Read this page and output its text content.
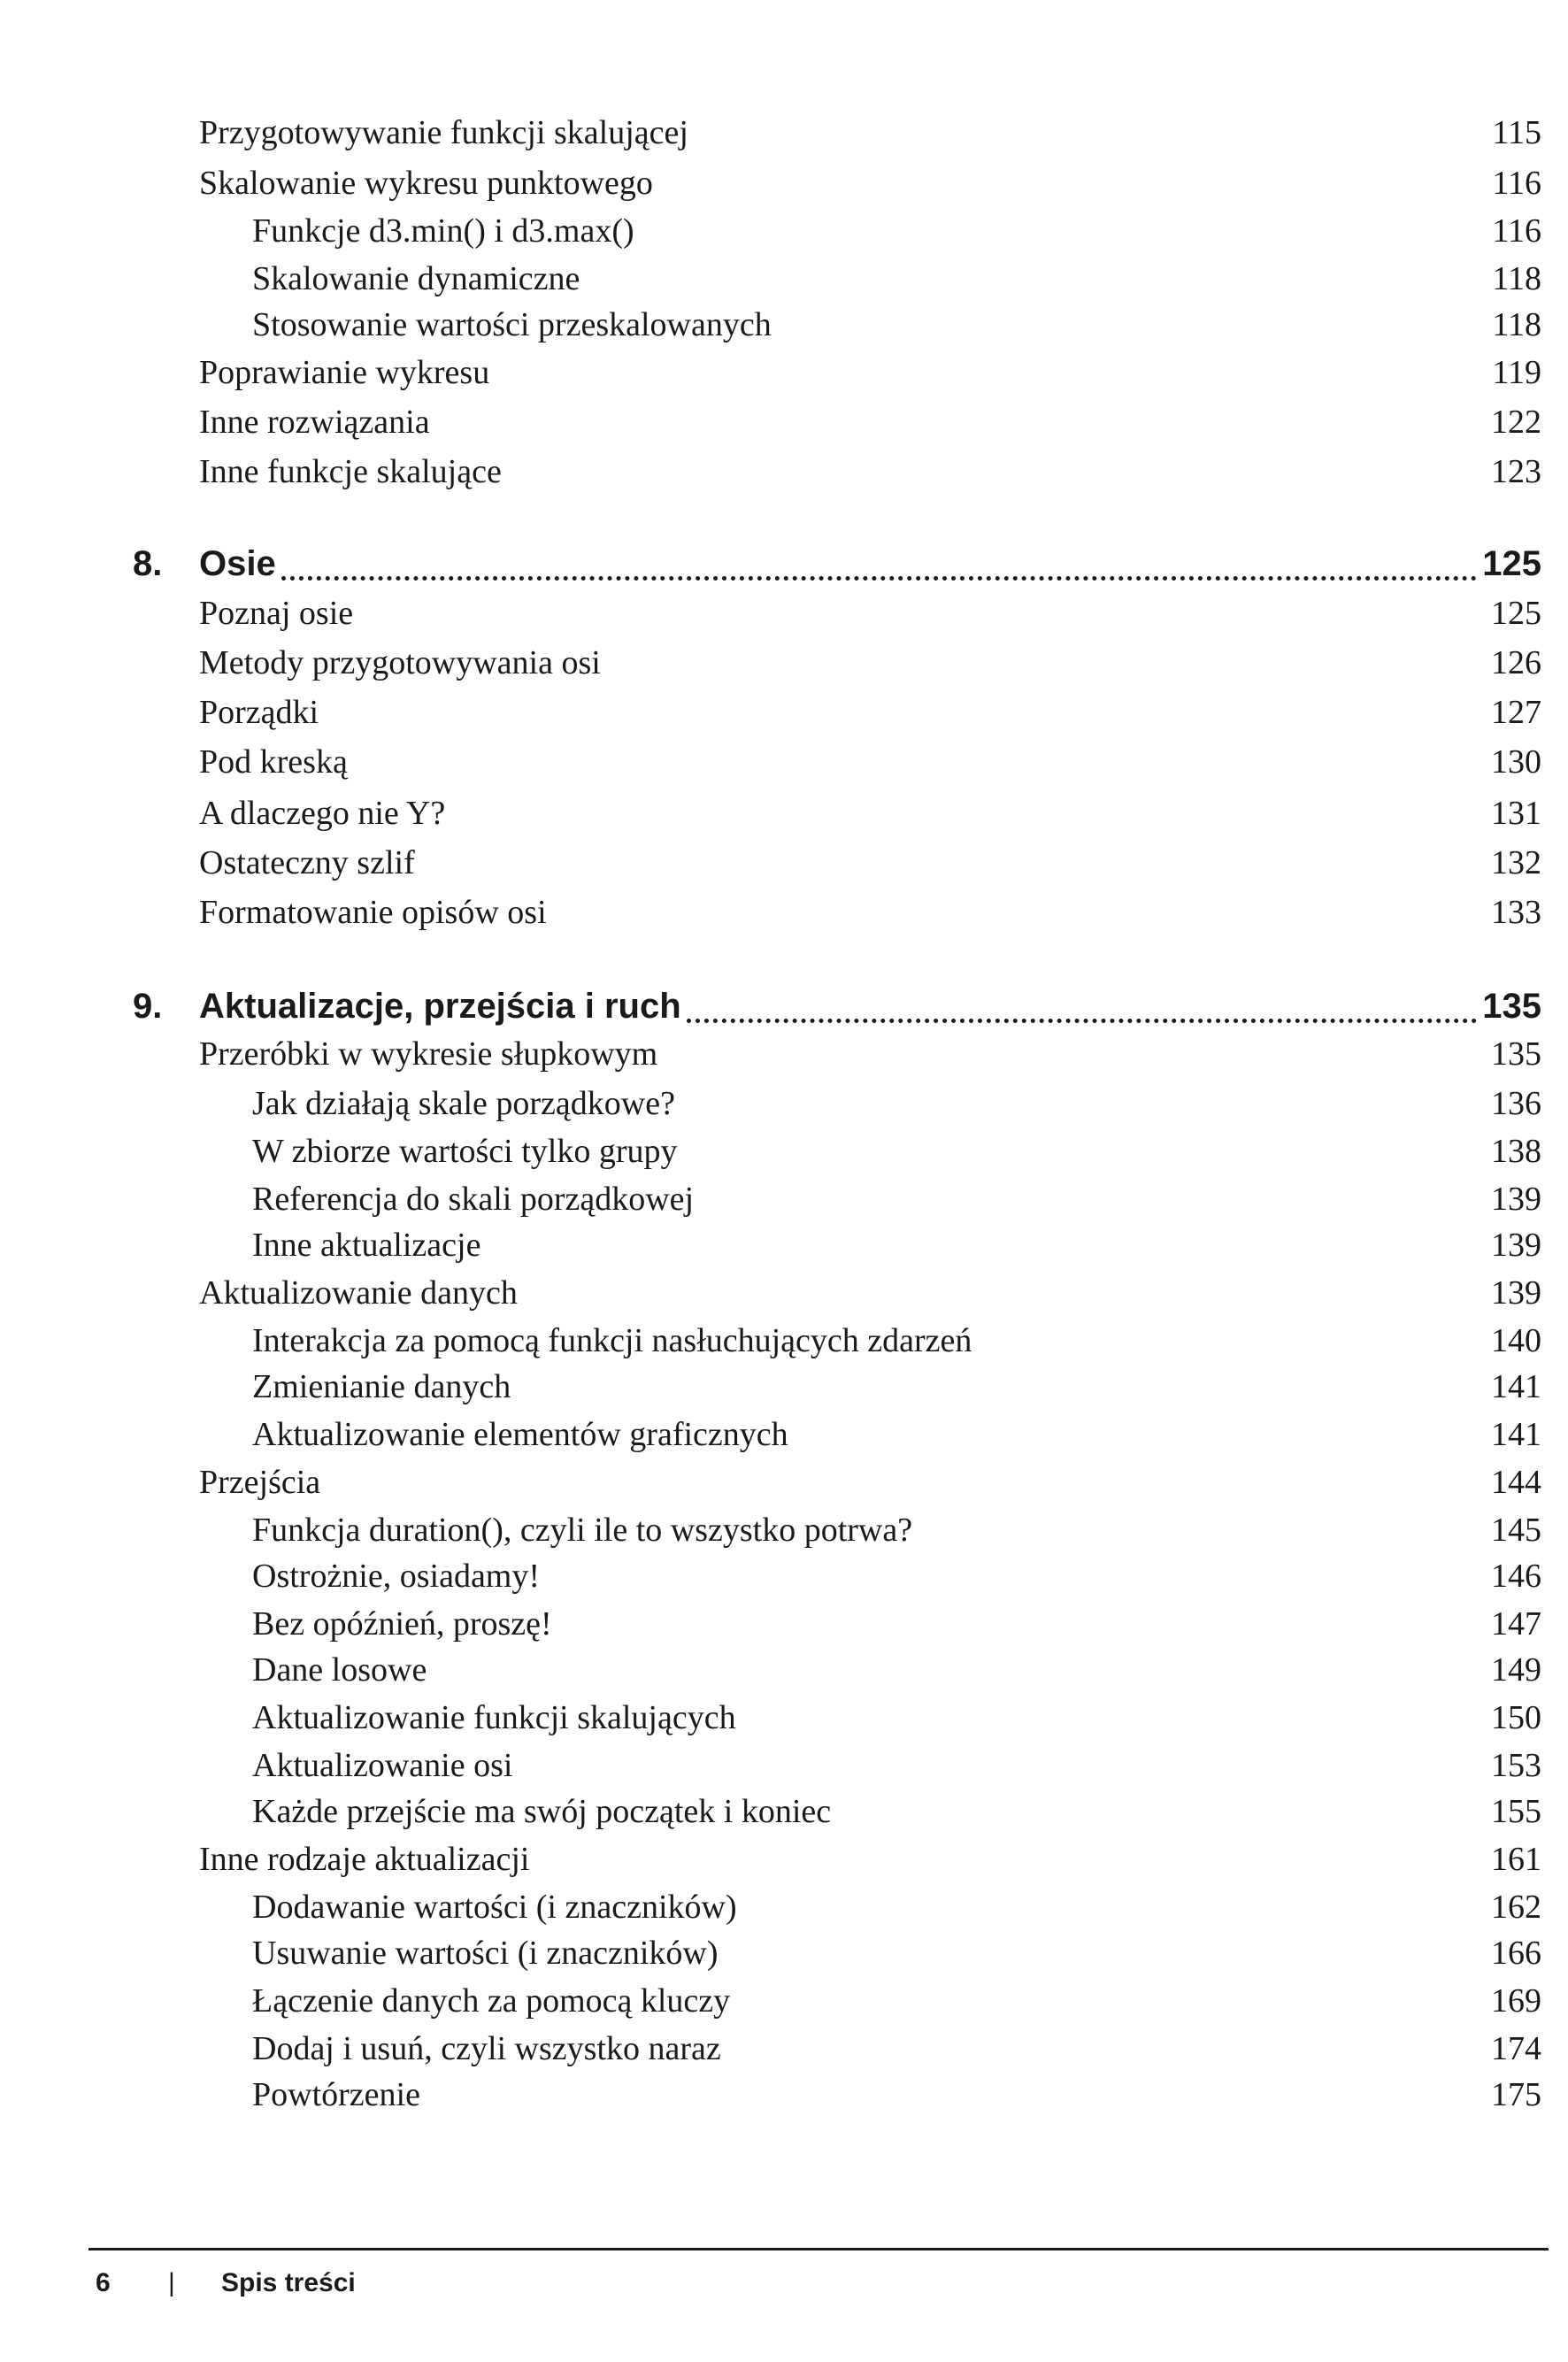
Przygotowywanie funkcji skalującej	115
Skalowanie wykresu punktowego	116
Funkcje d3.min() i d3.max()	116
Skalowanie dynamiczne	118
Stosowanie wartości przeskalowanych	118
Poprawianie wykresu	119
Inne rozwiązania	122
Inne funkcje skalujące	123
8. Osie	125
Poznaj osie	125
Metody przygotowywania osi	126
Porządki	127
Pod kreską	130
A dlaczego nie Y?	131
Ostateczny szlif	132
Formatowanie opisów osi	133
9. Aktualizacje, przejścia i ruch	135
Przeróbki w wykresie słupkowym	135
Jak działają skale porządkowe?	136
W zbiorze wartości tylko grupy	138
Referencja do skali porządkowej	139
Inne aktualizacje	139
Aktualizowanie danych	139
Interakcja za pomocą funkcji nasłuchujących zdarzeń	140
Zmienianie danych	141
Aktualizowanie elementów graficznych	141
Przejścia	144
Funkcja duration(), czyli ile to wszystko potrwa?	145
Ostrożnie, osiadamy!	146
Bez opóźnień, proszę!	147
Dane losowe	149
Aktualizowanie funkcji skalujących	150
Aktualizowanie osi	153
Każde przejście ma swój początek i koniec	155
Inne rodzaje aktualizacji	161
Dodawanie wartości (i znaczników)	162
Usuwanie wartości (i znaczników)	166
Łączenie danych za pomocą kluczy	169
Dodaj i usuń, czyli wszystko naraz	174
Powtórzenie	175
6 | Spis treści
